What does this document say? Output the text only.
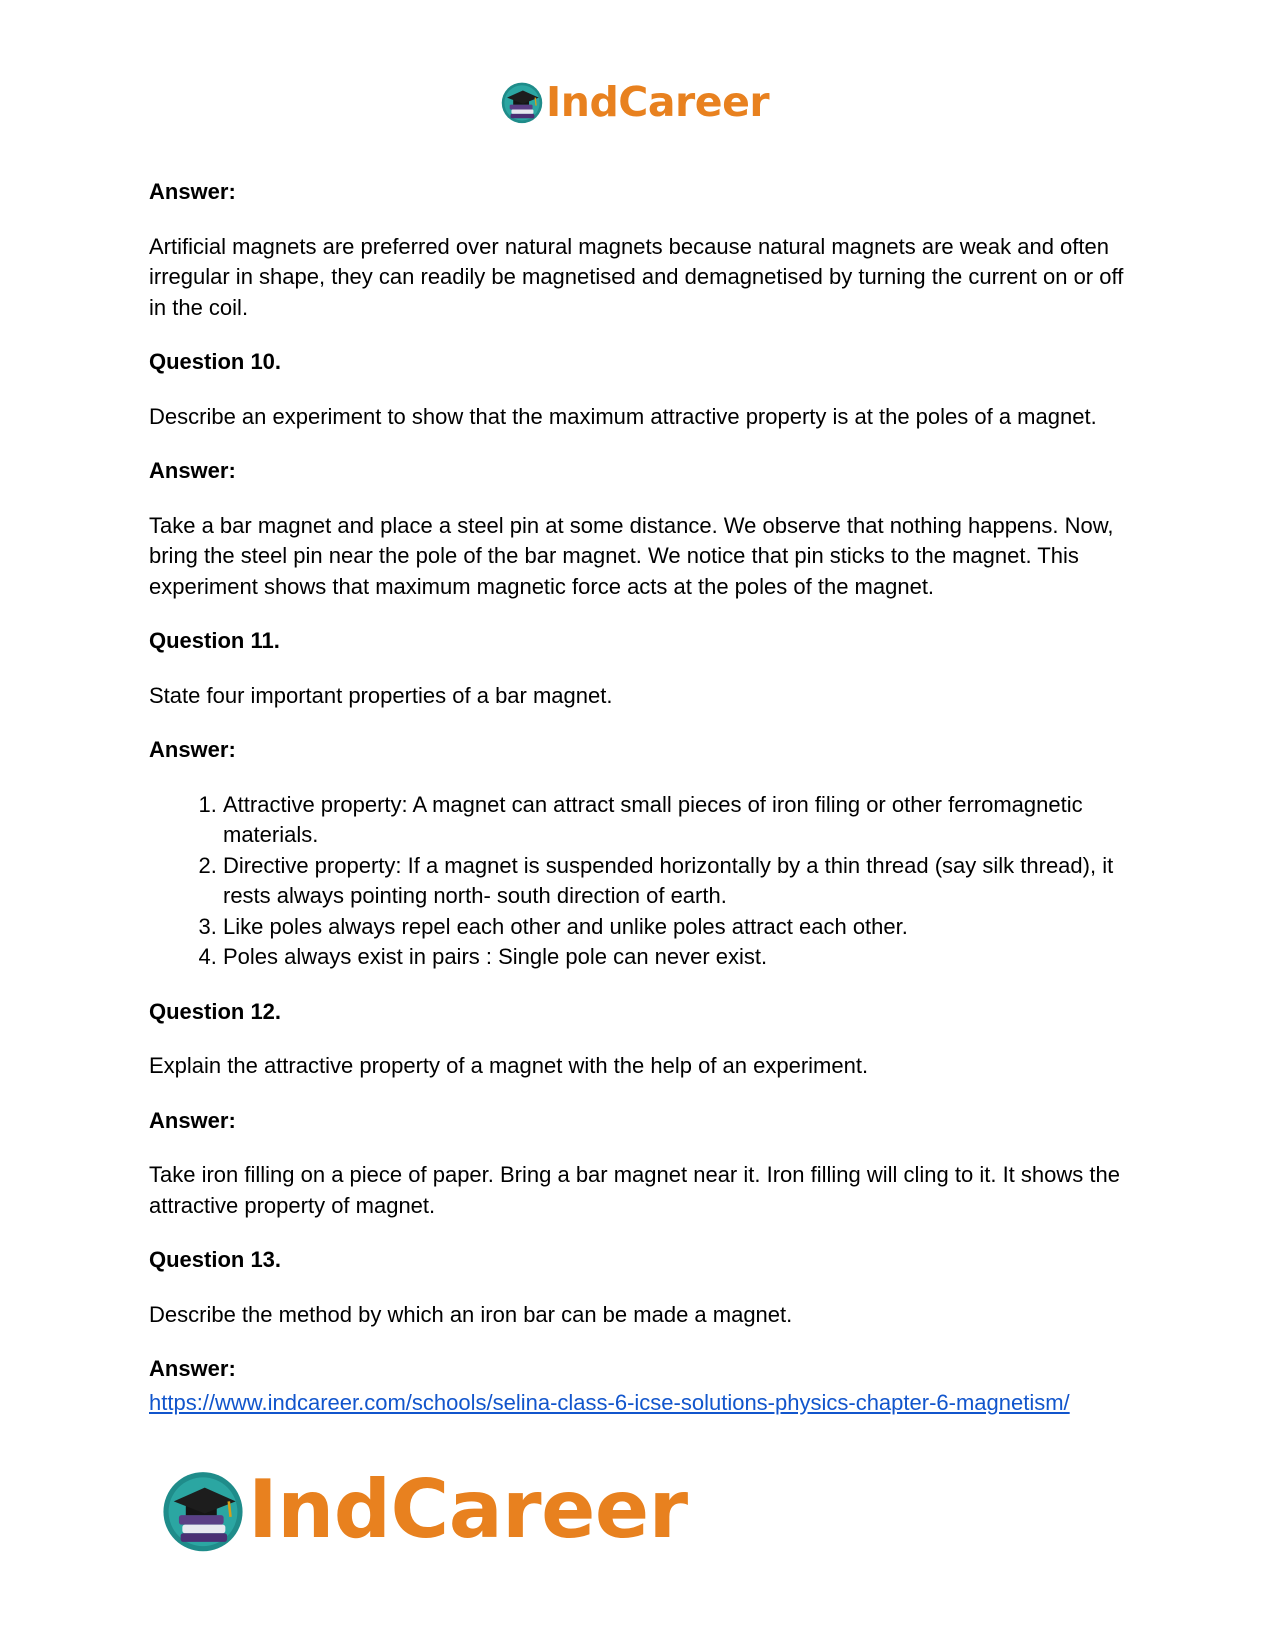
IndCareer

Answer:

Artificial magnets are preferred over natural magnets because natural magnets are weak and often irregular in shape, they can readily be magnetised and demagnetised by turning the current on or off in the coil.

Question 10.

Describe an experiment to show that the maximum attractive property is at the poles of a magnet.

Answer:

Take a bar magnet and place a steel pin at some distance. We observe that nothing happens. Now, bring the steel pin near the pole of the bar magnet. We notice that pin sticks to the magnet. This experiment shows that maximum magnetic force acts at the poles of the magnet.

Question 11.

State four important properties of a bar magnet.

Answer:

1. Attractive property: A magnet can attract small pieces of iron filing or other ferromagnetic materials.
2. Directive property: If a magnet is suspended horizontally by a thin thread (say silk thread), it rests always pointing north- south direction of earth.
3. Like poles always repel each other and unlike poles attract each other.
4. Poles always exist in pairs : Single pole can never exist.

Question 12.

Explain the attractive property of a magnet with the help of an experiment.

Answer:

Take iron filling on a piece of paper. Bring a bar magnet near it. Iron filling will cling to it. It shows the attractive property of magnet.

Question 13.

Describe the method by which an iron bar can be made a magnet.

Answer:

https://www.indcareer.com/schools/selina-class-6-icse-solutions-physics-chapter-6-magnetism/

IndCareer
